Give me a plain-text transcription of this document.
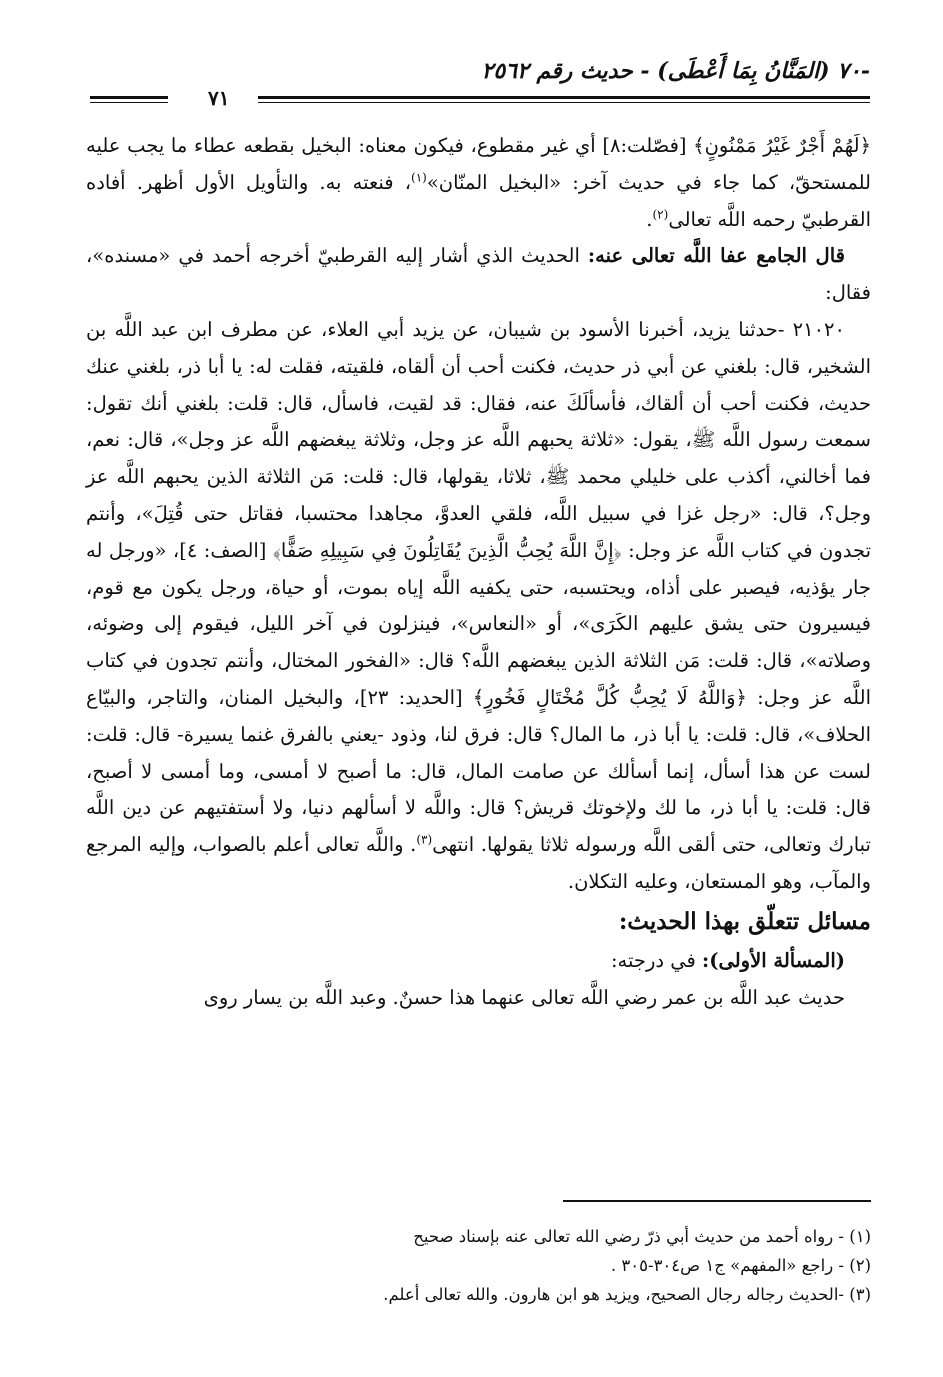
-٧٠ (المَنَّانُ بِمَا أَعْطَى) - حديث رقم ٢٥٦٢
٧١

﴿لَهُمْ أَجْرٌ غَيْرُ مَمْنُونٍ﴾ [فصّلت:٨] أي غير مقطوع، فيكون معناه: البخيل بقطعه عطاء ما يجب عليه للمستحقّ، كما جاء في حديث آخر: «البخيل المنّان»$^{(١)}$، فنعته به. والتأويل الأول أظهر. أفاده القرطبيّ رحمه اللَّه تعالى$^{(٢)}$.

قال الجامع عفا اللَّه تعالى عنه: الحديث الذي أشار إليه القرطبيّ أخرجه أحمد في «مسنده»، فقال:

٢١٠٢٠ -حدثنا يزيد، أخبرنا الأسود بن شيبان، عن يزيد أبي العلاء، عن مطرف ابن عبد اللَّه بن الشخير، قال: بلغني عن أبي ذر حديث، فكنت أحب أن ألقاه، فلقيته، فقلت له: يا أبا ذر، بلغني عنك حديث، فكنت أحب أن ألقاك، فأسألَكَ عنه، فقال: قد لقيت، فاسأل، قال: قلت: بلغني أنك تقول: سمعت رسول اللَّه ﷺ، يقول: «ثلاثة يحبهم اللَّه عز وجل، وثلاثة يبغضهم اللَّه عز وجل»، قال: نعم، فما أخالني، أكذب على خليلي محمد ﷺ، ثلاثا، يقولها، قال: قلت: مَن الثلاثة الذين يحبهم اللَّه عز وجل؟، قال: «رجل غزا في سبيل اللَّه، فلقي العدوَّ، مجاهدا محتسبا، فقاتل حتى قُتِلَ»، وأنتم تجدون في كتاب اللَّه عز وجل: ﴿إِنَّ اللَّهَ يُحِبُّ الَّذِينَ يُقَاتِلُونَ فِي سَبِيلِهِ صَفًّا﴾ [الصف: ٤]، «ورجل له جار يؤذيه، فيصبر على أذاه، ويحتسبه، حتى يكفيه اللَّه إياه بموت، أو حياة، ورجل يكون مع قوم، فيسيرون حتى يشق عليهم الكَرَى»، أو «النعاس»، فينزلون في آخر الليل، فيقوم إلى وضوئه، وصلاته»، قال: قلت: مَن الثلاثة الذين يبغضهم اللَّه؟ قال: «الفخور المختال، وأنتم تجدون في كتاب اللَّه عز وجل: ﴿وَاللَّهُ لَا يُحِبُّ كُلَّ مُخْتَالٍ فَخُورٍ﴾ [الحديد: ٢٣]، والبخيل المنان، والتاجر، والبيّاع الحلاف»، قال: قلت: يا أبا ذر، ما المال؟ قال: فرق لنا، وذود -يعني بالفرق غنما يسيرة- قال: قلت: لست عن هذا أسأل، إنما أسألك عن صامت المال، قال: ما أصبح لا أمسى، وما أمسى لا أصبح، قال: قلت: يا أبا ذر، ما لك ولإخوتك قريش؟ قال: واللَّه لا أسألهم دنيا، ولا أستفتيهم عن دين اللَّه تبارك وتعالى، حتى ألقى اللَّه ورسوله ثلاثا يقولها. انتهى$^{(٣)}$. واللَّه تعالى أعلم بالصواب، وإليه المرجع والمآب، وهو المستعان، وعليه التكلان.

مسائل تتعلّق بهذا الحديث:

(المسألة الأولى): في درجته:

حديث عبد اللَّه بن عمر رضي اللَّه تعالى عنهما هذا حسنٌ. وعبد اللَّه بن يسار روى

(١) - رواه أحمد من حديث أبي ذرّ رضي الله تعالى عنه بإسناد صحيح
(٢) - راجع «المفهم» ج١ ص٣٠٤-٣٠٥ .
(٣) -الحديث رجاله رجال الصحيح، ويزيد هو ابن هارون. والله تعالى أعلم.
